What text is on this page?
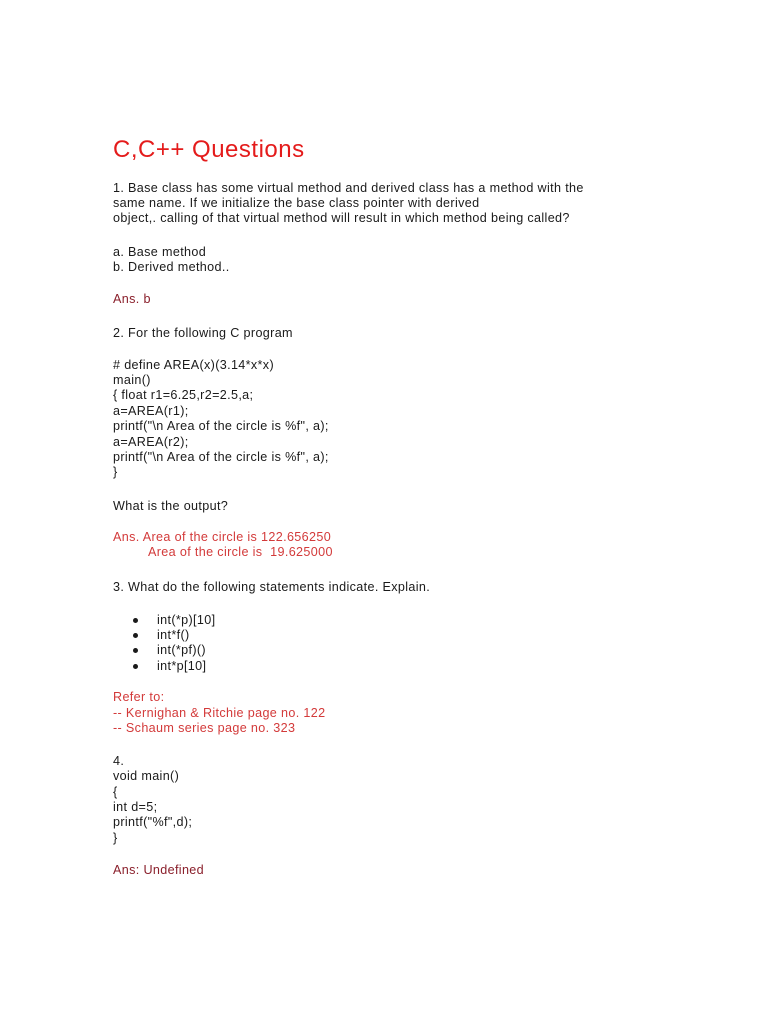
C,C++ Questions

1. Base class has some virtual method and derived class has a method with the

same name. If we initialize the base class pointer with derived

object,. calling of that virtual method will result in which method being called?

a. Base method

b. Derived method..

Ans. b

2. For the following C program

# define AREA(x)(3.14*x*x)

main()

{ float r1=6.25,r2=2.5,a;

a=AREA(r1);

printf("\n Area of the circle is %f", a);

a=AREA(r2);

printf("\n Area of the circle is %f", a);

}

What is the output?

Ans. Area of the circle is 122.656250

Area of the circle is  19.625000

3. What do the following statements indicate. Explain.

int(*p)[10]
int*f()
int(*pf)()
int*p[10]

Refer to:

-- Kernighan & Ritchie page no. 122

-- Schaum series page no. 323

4.

void main()

{

int d=5;

printf("%f",d);

}

Ans: Undefined
